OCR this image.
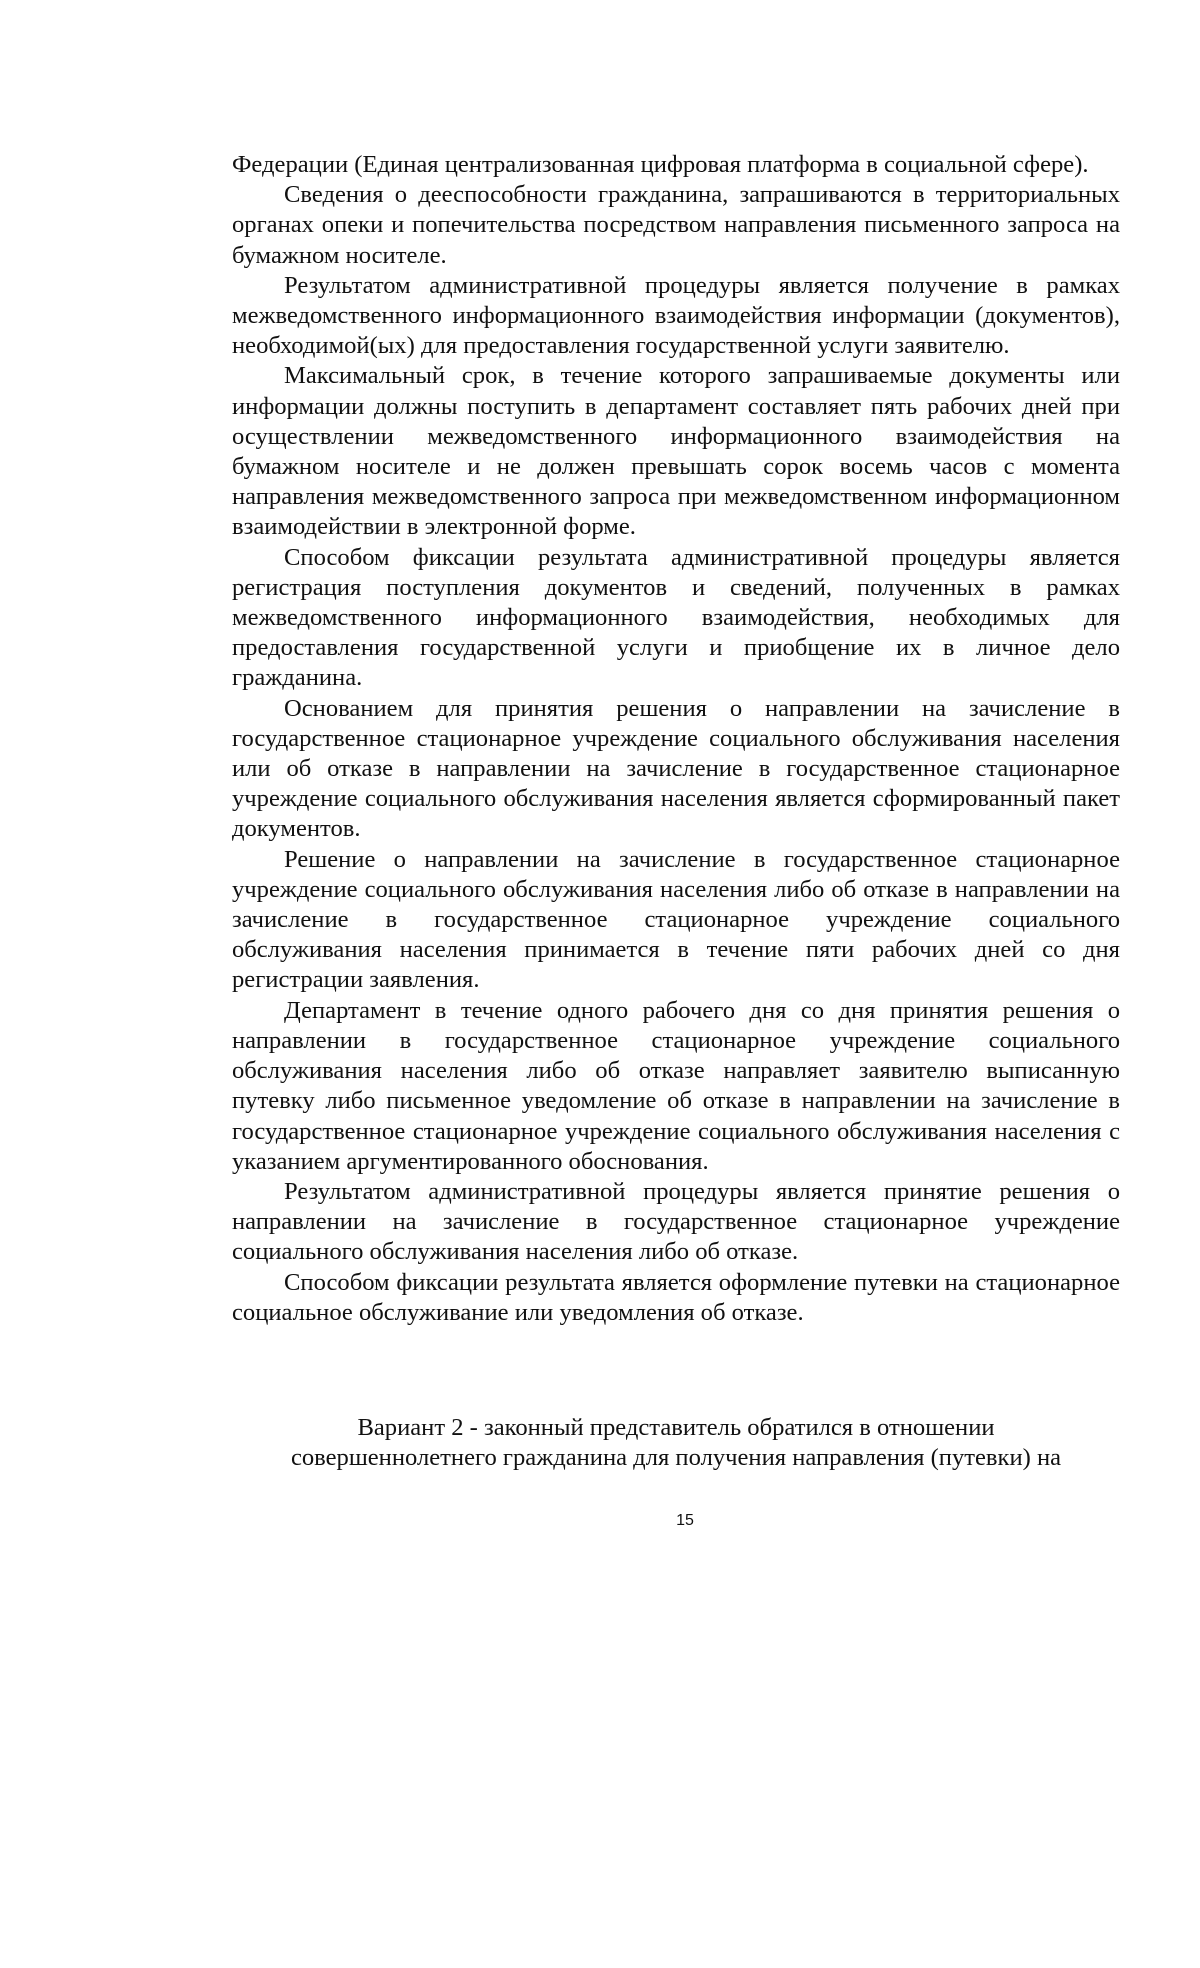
Федерации (Единая централизованная цифровая платформа в социальной сфере).

Сведения о дееспособности гражданина, запрашиваются в территориальных органах опеки и попечительства посредством направления письменного запроса на бумажном носителе.

Результатом административной процедуры является получение в рамках межведомственного информационного взаимодействия информации (документов), необходимой(ых) для предоставления государственной услуги заявителю.

Максимальный срок, в течение которого запрашиваемые документы или информации должны поступить в департамент составляет пять рабочих дней при осуществлении межведомственного информационного взаимодействия на бумажном носителе и не должен превышать сорок восемь часов с момента направления межведомственного запроса при межведомственном информационном взаимодействии в электронной форме.

Способом фиксации результата административной процедуры является регистрация поступления документов и сведений, полученных в рамках межведомственного информационного взаимодействия, необходимых для предоставления государственной услуги и приобщение их в личное дело гражданина.

Основанием для принятия решения о направлении на зачисление в государственное стационарное учреждение социального обслуживания населения или об отказе в направлении на зачисление в государственное стационарное учреждение социального обслуживания населения является сформированный пакет документов.

Решение о направлении на зачисление в государственное стационарное учреждение социального обслуживания населения либо об отказе в направлении на зачисление в государственное стационарное учреждение социального обслуживания населения принимается в течение пяти рабочих дней со дня регистрации заявления.

Департамент в течение одного рабочего дня со дня принятия решения о направлении в государственное стационарное учреждение социального обслуживания населения либо об отказе направляет заявителю выписанную путевку либо письменное уведомление об отказе в направлении на зачисление в государственное стационарное учреждение социального обслуживания населения с указанием аргументированного обоснования.

Результатом административной процедуры является принятие решения о направлении на зачисление в государственное стационарное учреждение социального обслуживания населения либо об отказе.

Способом фиксации результата является оформление путевки на стационарное социальное обслуживание или уведомления об отказе.

Вариант 2 - законный представитель обратился в отношении

совершеннолетнего гражданина для получения направления (путевки) на

15
